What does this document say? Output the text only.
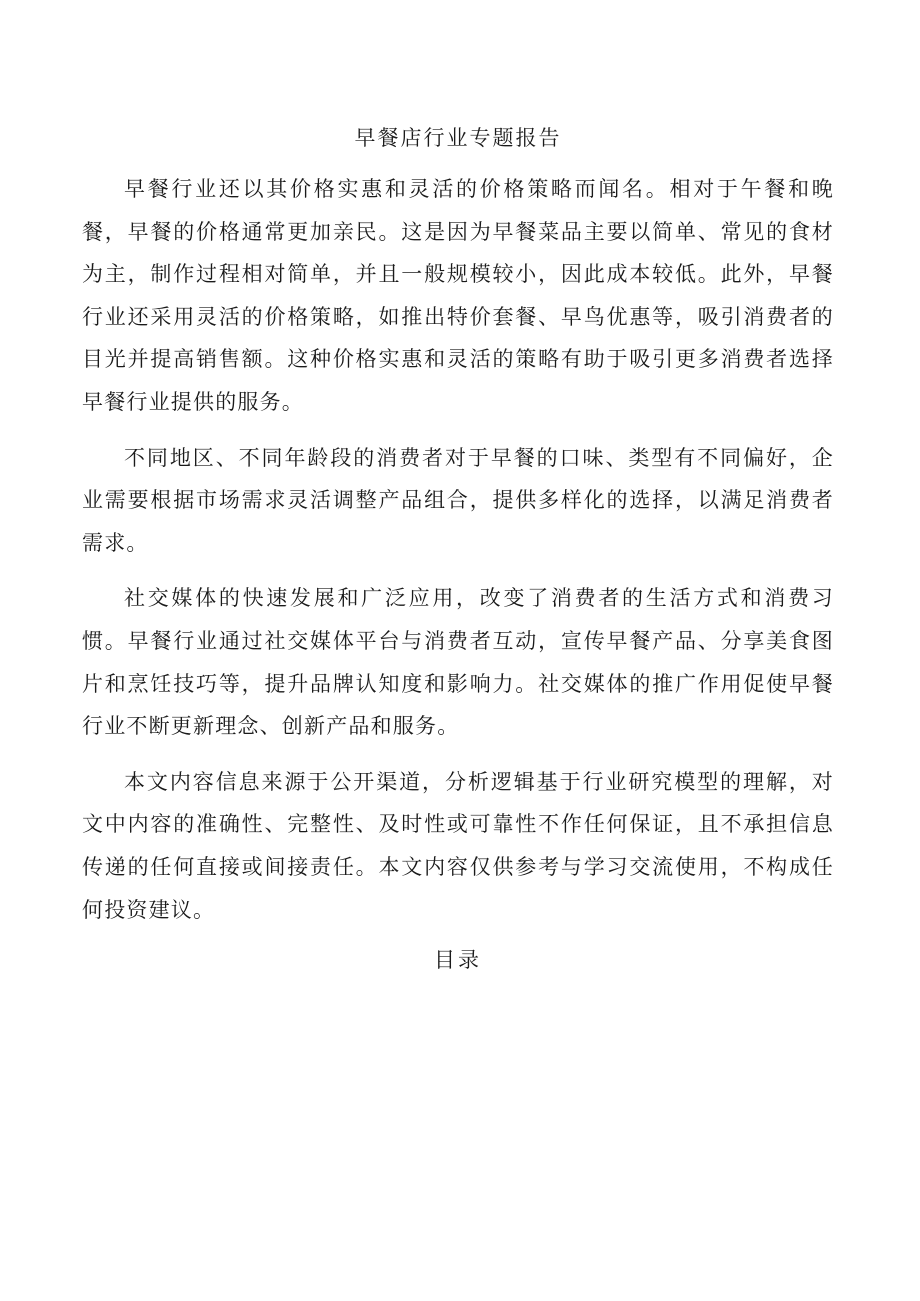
早餐店行业专题报告

早餐行业还以其价格实惠和灵活的价格策略而闻名。相对于午餐和晚餐，早餐的价格通常更加亲民。这是因为早餐菜品主要以简单、常见的食材为主，制作过程相对简单，并且一般规模较小，因此成本较低。此外，早餐行业还采用灵活的价格策略，如推出特价套餐、早鸟优惠等，吸引消费者的目光并提高销售额。这种价格实惠和灵活的策略有助于吸引更多消费者选择早餐行业提供的服务。

不同地区、不同年龄段的消费者对于早餐的口味、类型有不同偏好，企业需要根据市场需求灵活调整产品组合，提供多样化的选择，以满足消费者需求。

社交媒体的快速发展和广泛应用，改变了消费者的生活方式和消费习惯。早餐行业通过社交媒体平台与消费者互动，宣传早餐产品、分享美食图片和烹饪技巧等，提升品牌认知度和影响力。社交媒体的推广作用促使早餐行业不断更新理念、创新产品和服务。

本文内容信息来源于公开渠道，分析逻辑基于行业研究模型的理解，对文中内容的准确性、完整性、及时性或可靠性不作任何保证，且不承担信息传递的任何直接或间接责任。本文内容仅供参考与学习交流使用，不构成任何投资建议。

目录
